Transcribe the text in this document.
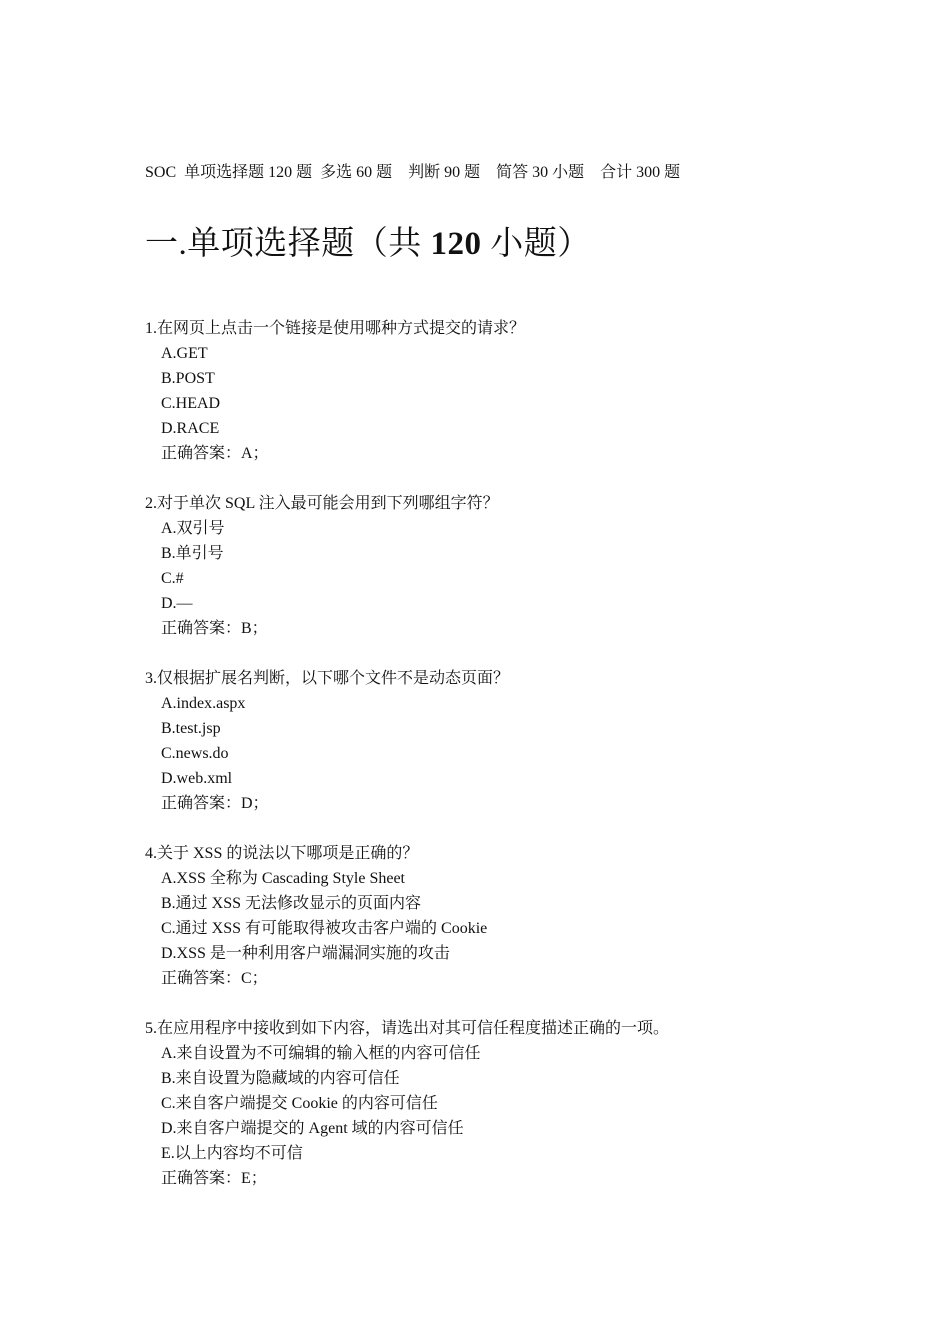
SOC  单项选择题 120 题  多选 60 题    判断 90 题    简答 30 小题    合计 300 题
一.单项选择题（共 120 小题）
1.在网页上点击一个链接是使用哪种方式提交的请求？
A.GET
B.POST
C.HEAD
D.RACE
正确答案：A；
2.对于单次 SQL 注入最可能会用到下列哪组字符？
A.双引号
B.单引号
C.#
D.—
正确答案：B；
3.仅根据扩展名判断，以下哪个文件不是动态页面？
A.index.aspx
B.test.jsp
C.news.do
D.web.xml
正确答案：D；
4.关于 XSS 的说法以下哪项是正确的？
A.XSS 全称为 Cascading Style Sheet
B.通过 XSS 无法修改显示的页面内容
C.通过 XSS 有可能取得被攻击客户端的 Cookie
D.XSS 是一种利用客户端漏洞实施的攻击
正确答案：C；
5.在应用程序中接收到如下内容，请选出对其可信任程度描述正确的一项。
A.来自设置为不可编辑的输入框的内容可信任
B.来自设置为隐藏域的内容可信任
C.来自客户端提交 Cookie 的内容可信任
D.来自客户端提交的 Agent 域的内容可信任
E.以上内容均不可信
正确答案：E；
